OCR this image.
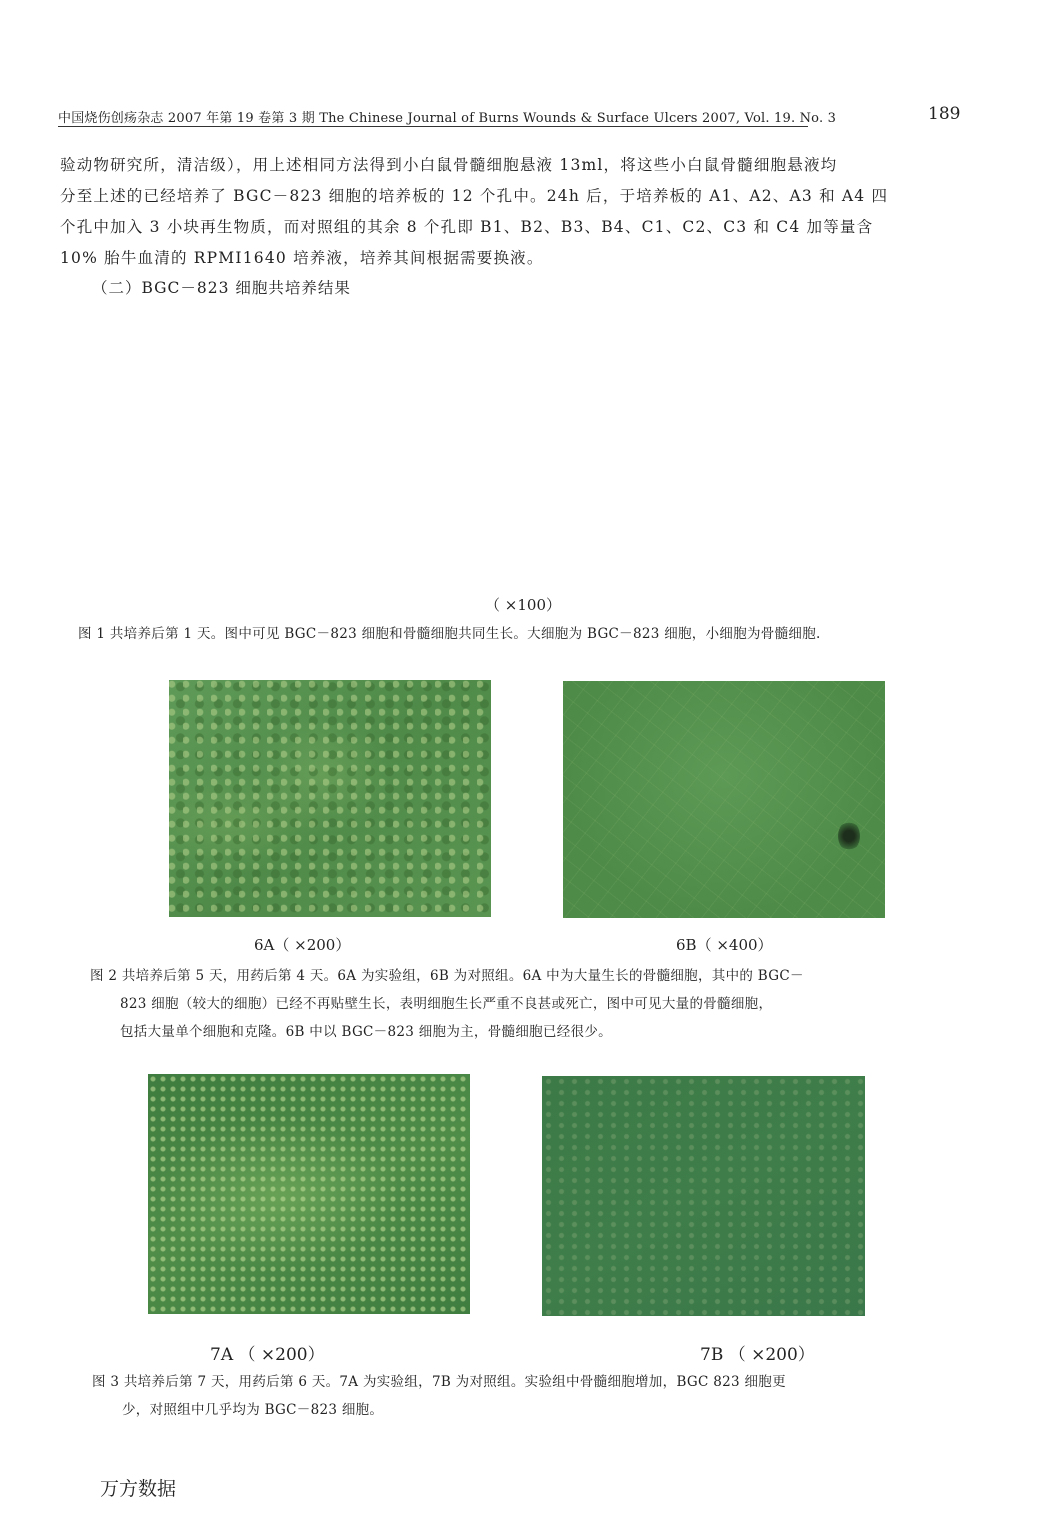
中国烧伤创疡杂志 2007 年第 19 卷第 3 期 The Chinese Journal of Burns Wounds & Surface Ulcers 2007, Vol. 19. No. 3	189

验动物研究所，清洁级），用上述相同方法得到小白鼠骨髓细胞悬液 13ml，将这些小白鼠骨髓细胞悬液均

分至上述的已经培养了 BGC－823 细胞的培养板的 12 个孔中。24h 后，于培养板的 A1、A2、A3 和 A4 四

个孔中加入 3 小块再生物质，而对照组的其余 8 个孔即 B1、B2、B3、B4、C1、C2、C3 和 C4 加等量含

10% 胎牛血清的 RPMI1640 培养液，培养其间根据需要换液。

（二）BGC－823 细胞共培养结果
（ ×100）
图 1 共培养后第 1 天。图中可见 BGC－823 细胞和骨髓细胞共同生长。大细胞为 BGC－823 细胞，小细胞为骨髓细胞.
6A（ ×200）	6B（ ×400）
图 2 共培养后第 5 天，用药后第 4 天。6A 为实验组，6B 为对照组。6A 中为大量生长的骨髓细胞，其中的 BGC－
823 细胞（较大的细胞）已经不再贴壁生长，表明细胞生长严重不良甚或死亡，图中可见大量的骨髓细胞，
包括大量单个细胞和克隆。6B 中以 BGC－823 细胞为主，骨髓细胞已经很少。
7A （ ×200）	7B （ ×200）
图 3 共培养后第 7 天，用药后第 6 天。7A 为实验组，7B 为对照组。实验组中骨髓细胞增加，BGC 823 细胞更
少，对照组中几乎均为 BGC－823 细胞。
万方数据
